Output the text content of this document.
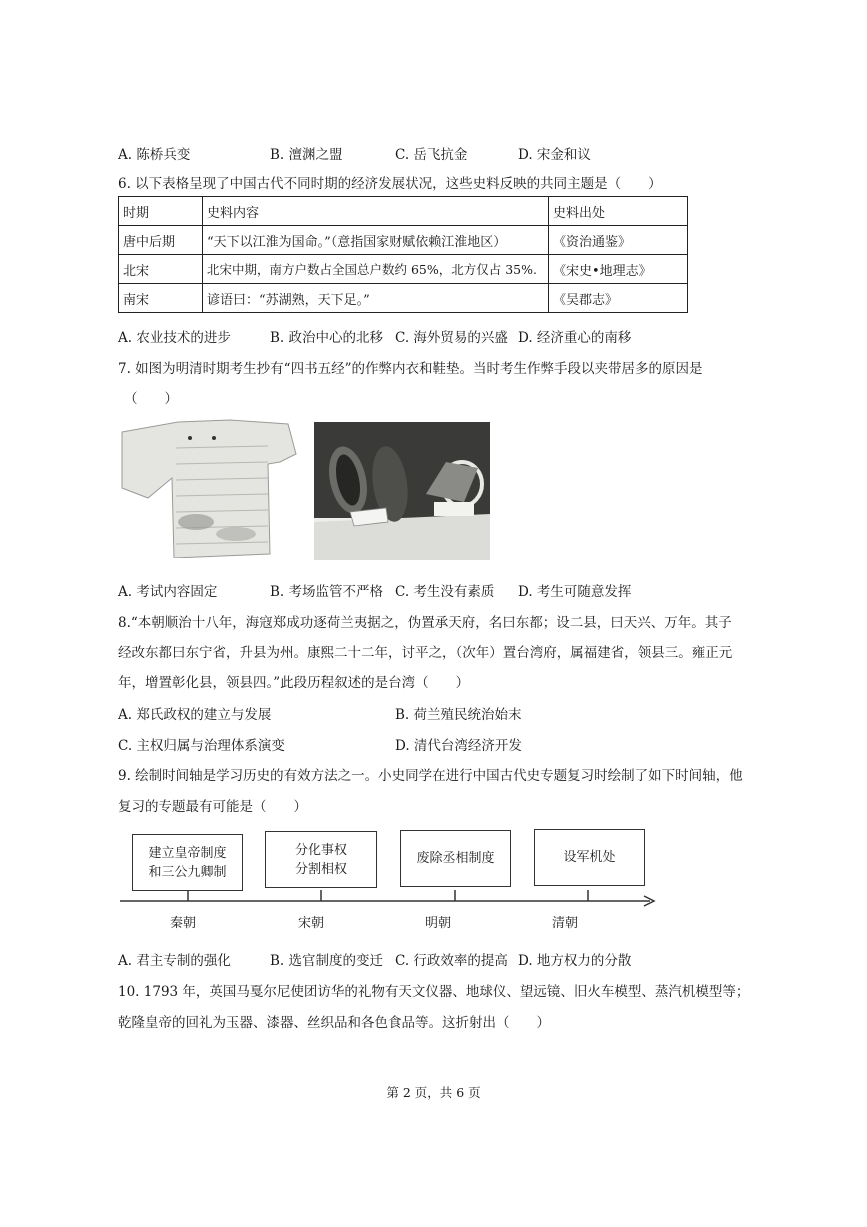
A. 陈桥兵变	B. 澶渊之盟	C. 岳飞抗金	D. 宋金和议
6. 以下表格呈现了中国古代不同时期的经济发展状况，这些史料反映的共同主题是（　　）
时期	史料内容	史料出处
唐中后期	“天下以江淮为国命。”（意指国家财赋依赖江淮地区）	《资治通鉴》
北宋	北宋中期，南方户数占全国总户数约 65%，北方仅占 35%.	《宋史•地理志》
南宋	谚语曰：“苏湖熟，天下足。”	《吴郡志》
A. 农业技术的进步	B. 政治中心的北移 C. 海外贸易的兴盛 D. 经济重心的南移
7. 如图为明清时期考生抄有“四书五经”的作弊内衣和鞋垫。当时考生作弊手段以夹带居多的原因是
（　　）
A. 考试内容固定	B. 考场监管不严格 C. 考生没有素质 D. 考生可随意发挥
8.“本朝顺治十八年，海寇郑成功逐荷兰夷据之，伪置承天府，名曰东都；设二县，曰天兴、万年。其子
经改东都曰东宁省，升县为州。康熙二十二年，讨平之，（次年）置台湾府，属福建省，领县三。雍正元
年，增置彰化县，领县四。”此段历程叙述的是台湾（　　）
A. 郑氏政权的建立与发展	B. 荷兰殖民统治始末
C. 主权归属与治理体系演变	D. 清代台湾经济开发
9. 绘制时间轴是学习历史的有效方法之一。小史同学在进行中国古代史专题复习时绘制了如下时间轴，他
复习的专题最有可能是（　　）
建立皇帝制度
和三公九卿制
分化事权
分割相权
废除丞相制度	设军机处
秦朝	宋朝	明朝	清朝
A. 君主专制的强化	B. 选官制度的变迁 C. 行政效率的提高 D. 地方权力的分散
10. 1793 年，英国马戛尔尼使团访华的礼物有天文仪器、地球仪、望远镜、旧火车模型、蒸汽机模型等；
乾隆皇帝的回礼为玉器、漆器、丝织品和各色食品等。这折射出（　　）
第 2 页，共 6 页
